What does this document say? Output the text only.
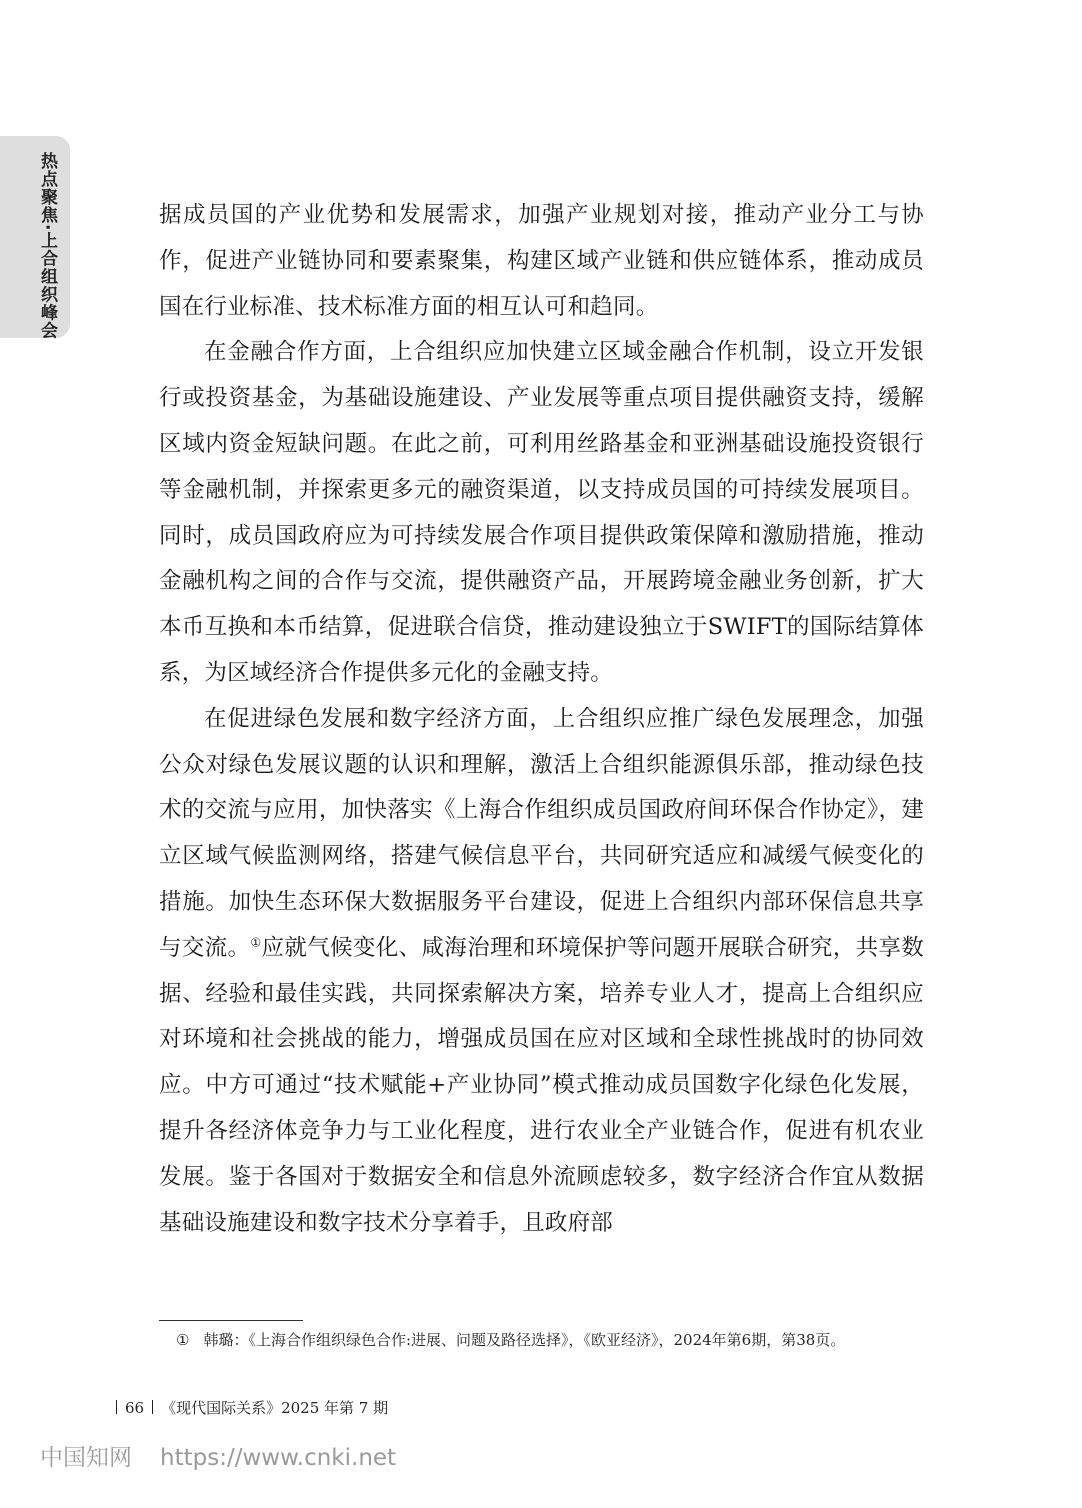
热点聚焦·上合组织峰会	据成员国的产业优势和发展需求，加强产业规划对接，推动产业分工与协作，促进产业链协同和要素聚集，构建区域产业链和供应链体系，推动成员国在行业标准、技术标准方面的相互认可和趋同。

在金融合作方面，上合组织应加快建立区域金融合作机制，设立开发银行或投资基金，为基础设施建设、产业发展等重点项目提供融资支持，缓解区域内资金短缺问题。在此之前，可利用丝路基金和亚洲基础设施投资银行等金融机制，并探索更多元的融资渠道，以支持成员国的可持续发展项目。同时，成员国政府应为可持续发展合作项目提供政策保障和激励措施，推动金融机构之间的合作与交流，提供融资产品，开展跨境金融业务创新，扩大本币互换和本币结算，促进联合信贷，推动建设独立于SWIFT的国际结算体系，为区域经济合作提供多元化的金融支持。

在促进绿色发展和数字经济方面，上合组织应推广绿色发展理念，加强公众对绿色发展议题的认识和理解，激活上合组织能源俱乐部，推动绿色技术的交流与应用，加快落实《上海合作组织成员国政府间环保合作协定》，建立区域气候监测网络，搭建气候信息平台，共同研究适应和减缓气候变化的措施。加快生态环保大数据服务平台建设，促进上合组织内部环保信息共享与交流。①应就气候变化、咸海治理和环境保护等问题开展联合研究，共享数据、经验和最佳实践，共同探索解决方案，培养专业人才，提高上合组织应对环境和社会挑战的能力，增强成员国在应对区域和全球性挑战时的协同效应。中方可通过“技术赋能+产业协同”模式推动成员国数字化绿色化发展，提升各经济体竞争力与工业化程度，进行农业全产业链合作，促进有机农业发展。鉴于各国对于数据安全和信息外流顾虑较多，数字经济合作宜从数据基础设施建设和数字技术分享着手，且政府部

① 韩璐：《上海合作组织绿色合作:进展、问题及路径选择》，《欧亚经济》，2024年第6期，第38页。
66 《现代国际关系》2025 年第 7 期
中国知网 https://www.cnki.net
